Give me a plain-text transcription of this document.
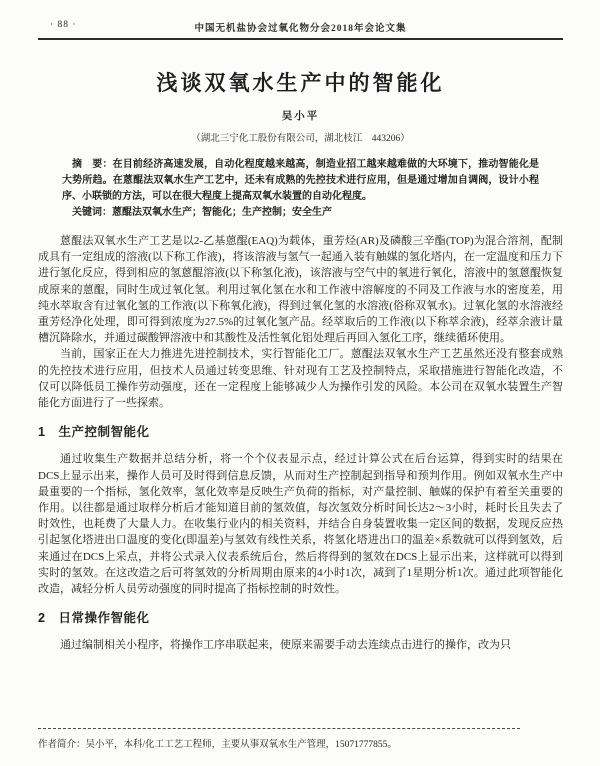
· 88 ·	中国无机盐协会过氧化物分会2018年会论文集
浅谈双氧水生产中的智能化
吴小平
（湖北三宁化工股份有限公司，湖北枝江　443206）

摘　要：在目前经济高速发展，自动化程度越来越高，制造业招工越来越难做的大环境下，推动智能化是大势所趋。在蒽醌法双氧水生产工艺中，还未有成熟的先控技术进行应用，但是通过增加自调阀，设计小程序、小联锁的方法，可以在很大程度上提高双氧水装置的自动化程度。

关键词：蒽醌法双氧水生产；智能化；生产控制；安全生产

蒽醌法双氧水生产工艺是以2-乙基蒽醌(EAQ)为载体，重芳烃(AR)及磷酸三辛酯(TOP)为混合溶剂，配制成具有一定组成的溶液(以下称工作液)，将该溶液与氢气一起通入装有触媒的氢化塔内，在一定温度和压力下进行氢化反应，得到相应的氢蒽醌溶液(以下称氢化液)，该溶液与空气中的氧进行氧化，溶液中的氢蒽醌恢复成原来的蒽醌，同时生成过氧化氢。利用过氧化氢在水和工作液中溶解度的不同及工作液与水的密度差，用纯水萃取含有过氧化氢的工作液(以下称氧化液)，得到过氧化氢的水溶液(俗称双氧水)。过氧化氢的水溶液经重芳烃净化处理，即可得到浓度为27.5%的过氧化氢产品。经萃取后的工作液(以下称萃余液)，经萃余液计量槽沉降除水，并通过碳酸钾溶液中和其酸性及活性氧化铝处理后再回入氢化工序，继续循环使用。

当前，国家正在大力推进先进控制技术，实行智能化工厂。蒽醌法双氧水生产工艺虽然还没有整套成熟的先控技术进行应用，但技术人员通过转变思维、针对现有工艺及控制特点，采取措施进行智能化改造，不仅可以降低员工操作劳动强度，还在一定程度上能够减少人为操作引发的风险。本公司在双氧水装置生产智能化方面进行了一些探索。

1 生产控制智能化

通过收集生产数据并总结分析，将一个个仪表显示点，经过计算公式在后台运算，得到实时的结果在DCS上显示出来，操作人员可及时得到信息反馈，从而对生产控制起到指导和预判作用。例如双氧水生产中最重要的一个指标，氢化效率，氢化效率是反映生产负荷的指标，对产量控制、触媒的保护有着至关重要的作用。以往都是通过取样分析后才能知道目前的氢效值，每次氢效分析时间长达2～3小时，耗时长且失去了时效性，也耗费了大量人力。在收集行业内的相关资料，并结合自身装置收集一定区间的数据，发现反应热引起氢化塔进出口温度的变化(即温差)与氢效有线性关系，将氢化塔进出口的温差×系数就可以得到氢效，后来通过在DCS上采点，并将公式录入仪表系统后台，然后将得到的氢效在DCS上显示出来，这样就可以得到实时的氢效。在这改造之后可将氢效的分析周期由原来的4小时1次，减到了1星期分析1次。通过此项智能化改造，减轻分析人员劳动强度的同时提高了指标控制的时效性。

2 日常操作智能化

通过编制相关小程序，将操作工序串联起来，使原来需要手动去连续点击进行的操作，改为只

作者简介：吴小平，本科/化工工艺工程师，主要从事双氧水生产管理，15071777855。
